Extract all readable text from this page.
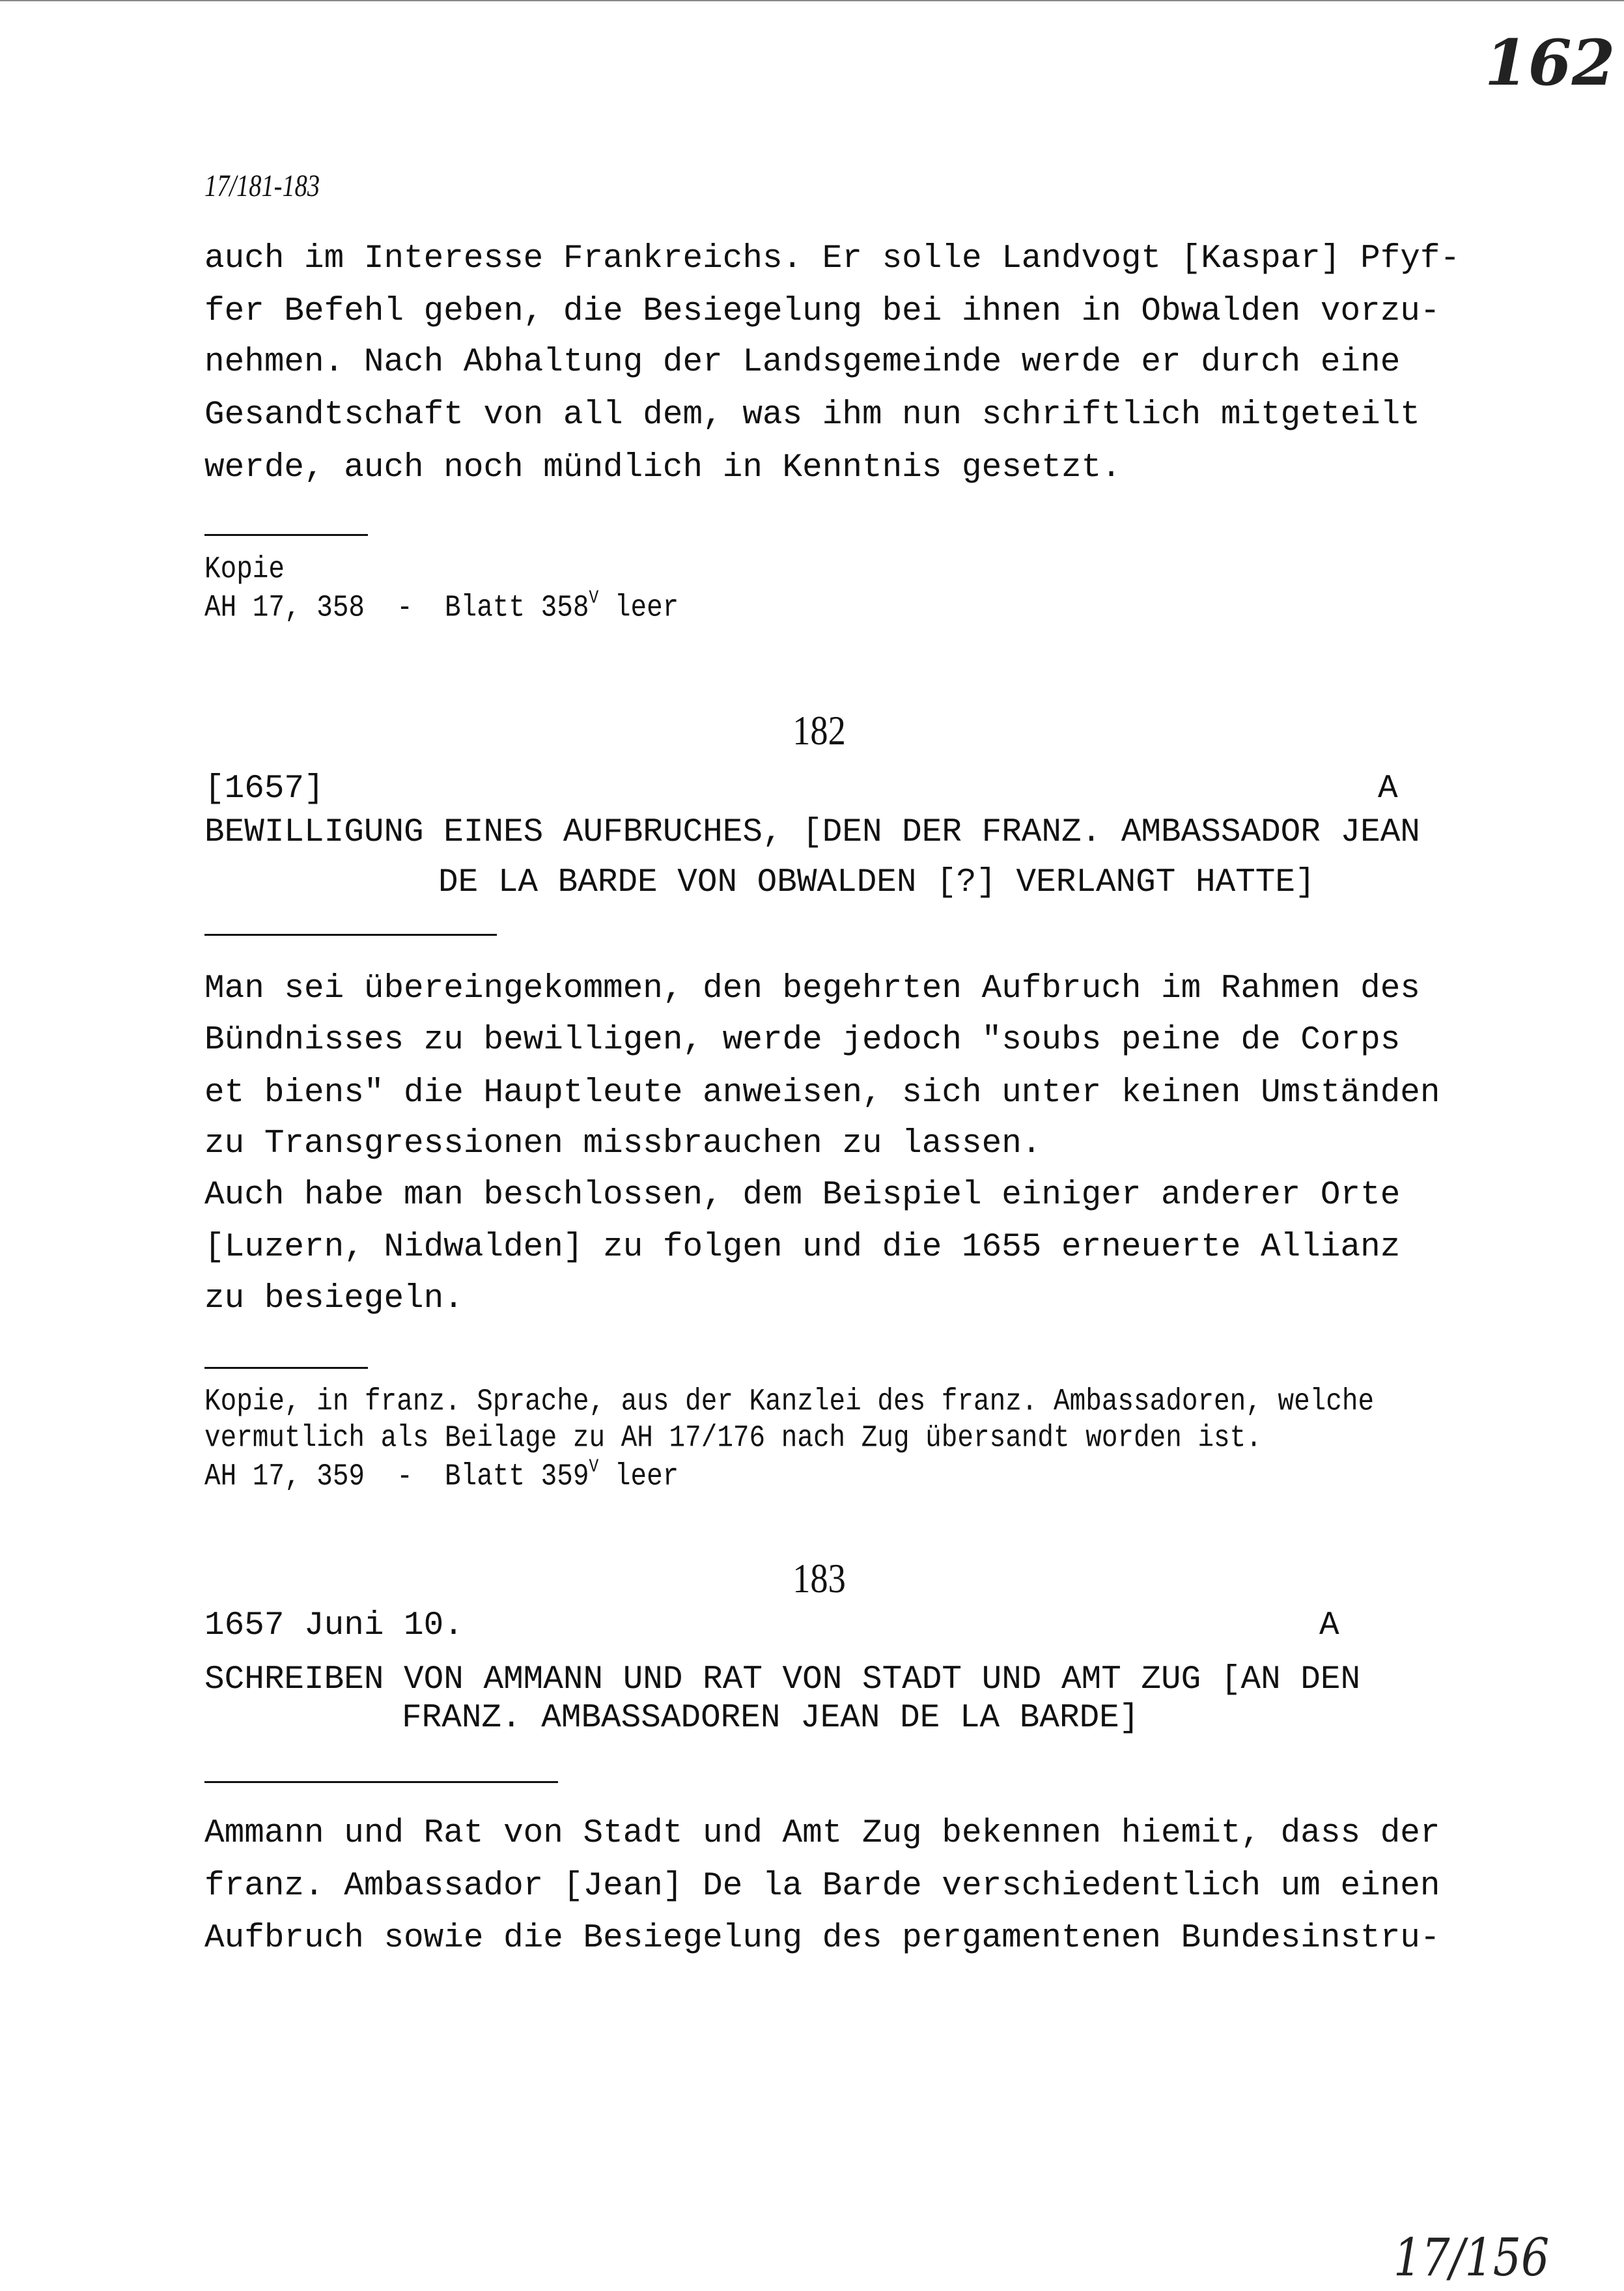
162
17/181-183
auch im Interesse Frankreichs. Er solle Landvogt [Kaspar] Pfyf-
fer Befehl geben, die Besiegelung bei ihnen in Obwalden vorzu-
nehmen. Nach Abhaltung der Landsgemeinde werde er durch eine
Gesandtschaft von all dem, was ihm nun schriftlich mitgeteilt
werde, auch noch mündlich in Kenntnis gesetzt.
Kopie
AH 17, 358  -  Blatt $358^V$ leer
182
[1657]	A
BEWILLIGUNG EINES AUFBRUCHES, [DEN DER FRANZ. AMBASSADOR JEAN
DE LA BARDE VON OBWALDEN [?] VERLANGT HATTE]
Man sei übereingekommen, den begehrten Aufbruch im Rahmen des
Bündnisses zu bewilligen, werde jedoch "soubs peine de Corps
et biens" die Hauptleute anweisen, sich unter keinen Umständen
zu Transgressionen missbrauchen zu lassen.
Auch habe man beschlossen, dem Beispiel einiger anderer Orte
[Luzern, Nidwalden] zu folgen und die 1655 erneuerte Allianz
zu besiegeln.
Kopie, in franz. Sprache, aus der Kanzlei des franz. Ambassadoren, welche
vermutlich als Beilage zu AH 17/176 nach Zug übersandt worden ist.
AH 17, 359  -  Blatt $359^V$ leer
183
1657 Juni 10.	A
SCHREIBEN VON AMMANN UND RAT VON STADT UND AMT ZUG [AN DEN
FRANZ. AMBASSADOREN JEAN DE LA BARDE]
Ammann und Rat von Stadt und Amt Zug bekennen hiemit, dass der
franz. Ambassador [Jean] De la Barde verschiedentlich um einen
Aufbruch sowie die Besiegelung des pergamentenen Bundesinstru-
17/156
